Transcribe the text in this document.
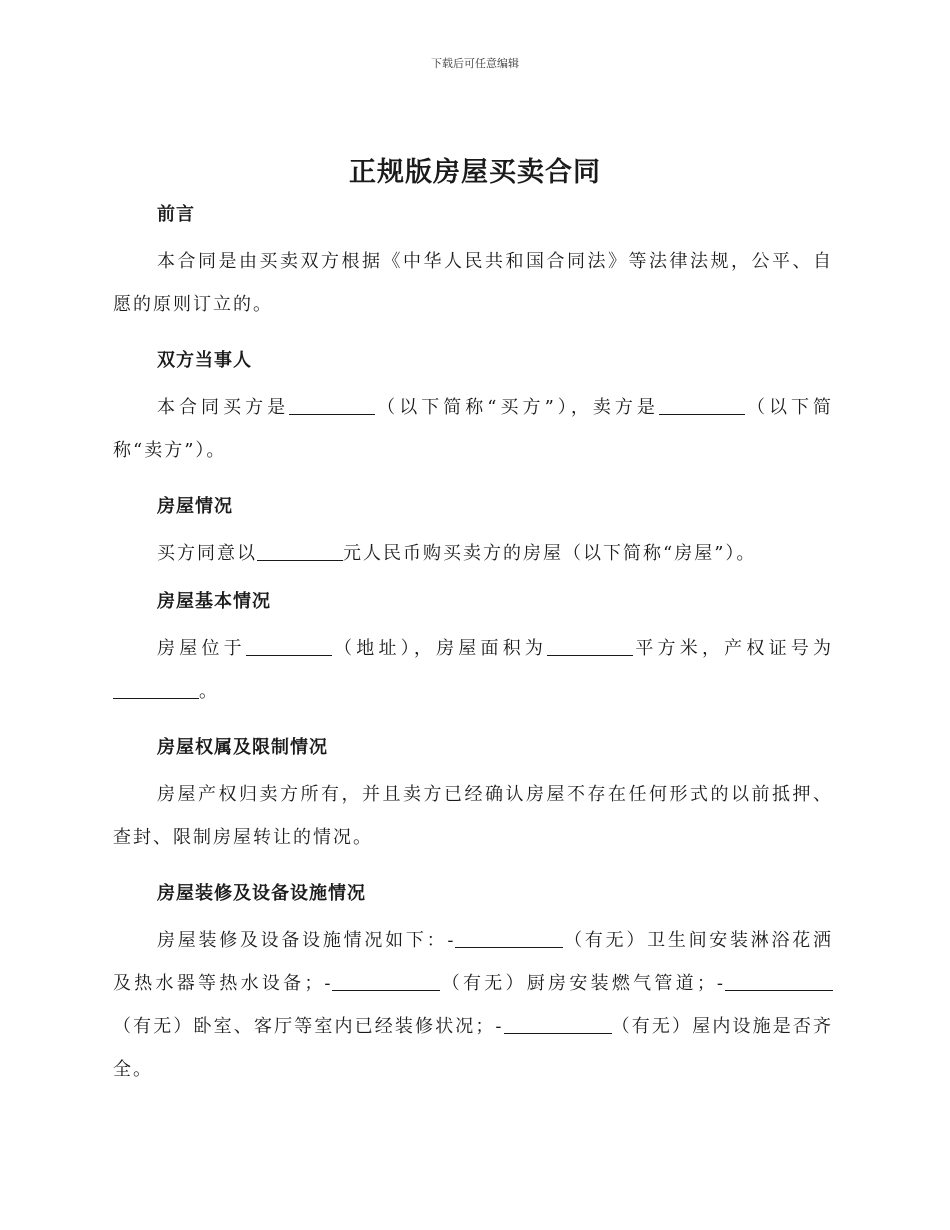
下载后可任意编辑
正规版房屋买卖合同
前言

本合同是由买卖双方根据《中华人民共和国合同法》等法律法规，公平、自愿的原则订立的。

双方当事人

本合同买方是	（以下简称“买方”），卖方是	（以下简称“卖方”）。

房屋情况

买方同意以	元人民币购买卖方的房屋（以下简称“房屋”）。

房屋基本情况

房屋位于	（地址），房屋面积为	平方米，产权证号为。

房屋权属及限制情况

房屋产权归卖方所有，并且卖方已经确认房屋不存在任何形式的以前抵押、查封、限制房屋转让的情况。

房屋装修及设备设施情况

房屋装修及设备设施情况如下：-	（有无）卫生间安装淋浴花洒及热水器等热水设备；-	（有无）厨房安装燃气管道；-（有无）卧室、客厅等室内已经装修状况；-	（有无）屋内设施是否齐全。
